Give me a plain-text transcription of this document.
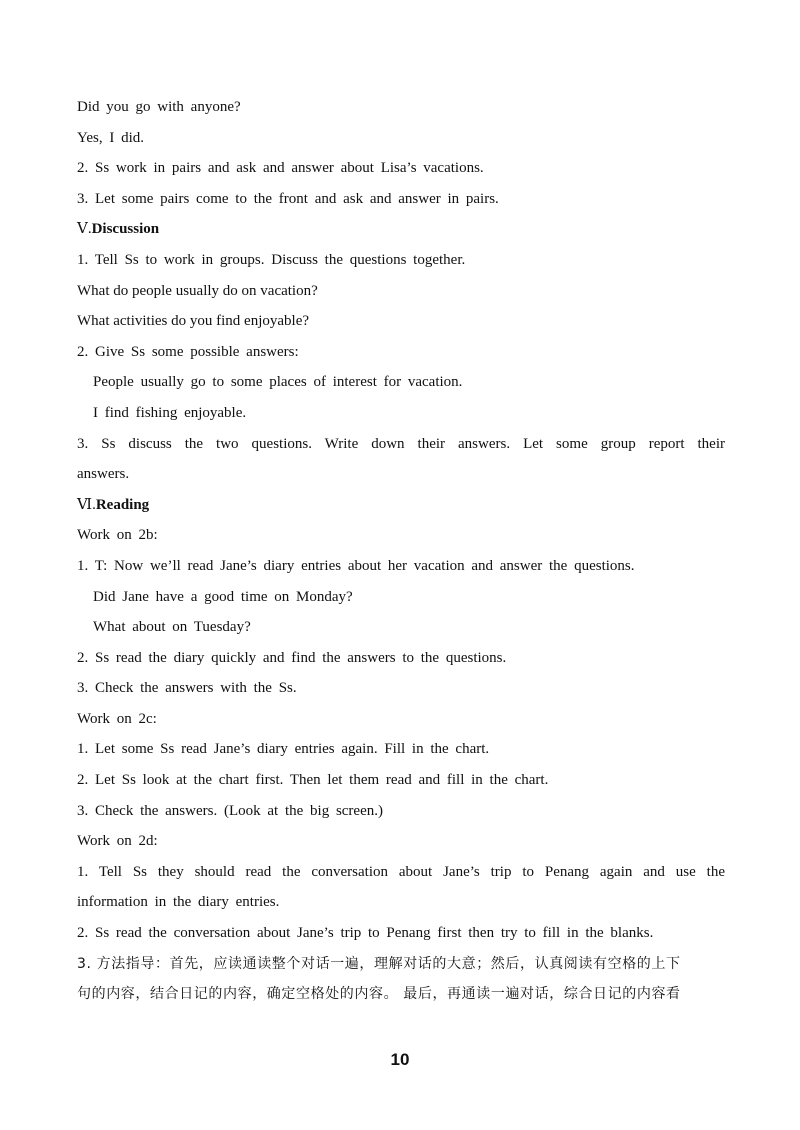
Did you go with anyone?
Yes, I did.
2. Ss work in pairs and ask and answer about Lisa’s vacations.
3. Let some pairs come to the front and ask and answer in pairs.
Ⅴ.Discussion
1. Tell Ss to work in groups. Discuss the questions together.
What do people usually do on vacation?
What activities do you find enjoyable?
2. Give Ss some possible answers:
People usually go to some places of interest for vacation.
I find fishing enjoyable.
3. Ss discuss the two questions. Write down their answers. Let some group report their
answers.
Ⅵ.Reading
Work on 2b:
1. T: Now we’ll read Jane’s diary entries about her vacation and answer the questions.
Did Jane have a good time on Monday?
What about on Tuesday?
2. Ss read the diary quickly and find the answers to the questions.
3. Check the answers with the Ss.
Work on 2c:
1. Let some Ss read Jane’s diary entries again. Fill in the chart.
2. Let Ss look at the chart first. Then let them read and fill in the chart.
3. Check the answers. (Look at the big screen.)
Work on 2d:
1. Tell Ss they should read the conversation about Jane’s trip to Penang again and use the
information in the diary entries.
2. Ss read the conversation about Jane’s trip to Penang first then try to fill in the blanks.
3. 方法指导：首先，应读通读整个对话一遍，理解对话的大意；然后，认真阅读有空格的上下
句的内容，结合日记的内容，确定空格处的内容。 最后，再通读一遍对话，综合日记的内容看
10
